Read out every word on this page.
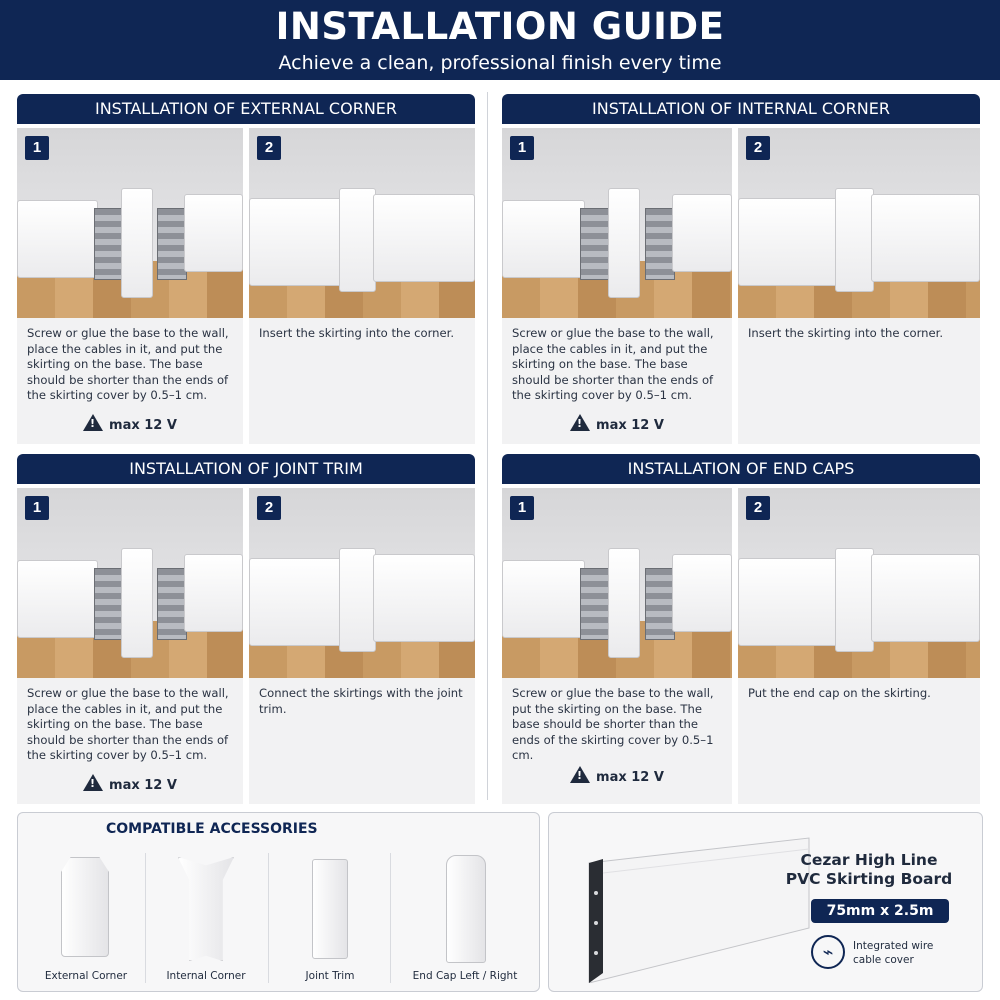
INSTALLATION GUIDE

Achieve a clean, professional finish every time

INSTALLATION OF EXTERNAL CORNER
1
Screw or glue the base to the wall, place the cables in it, and put the skirting on the base. The base should be shorter than the ends of the skirting cover by 0.5–1 cm.
!max 12 V
2
Insert the skirting into the corner.
INSTALLATION OF INTERNAL CORNER
1
Screw or glue the base to the wall, place the cables in it, and put the skirting on the base. The base should be shorter than the ends of the skirting cover by 0.5–1 cm.
!max 12 V
2
Insert the skirting into the corner.
INSTALLATION OF JOINT TRIM
1
Screw or glue the base to the wall, place the cables in it, and put the skirting on the base. The base should be shorter than the ends of the skirting cover by 0.5–1 cm.
!max 12 V
2
Connect the skirtings with the joint trim.
INSTALLATION OF END CAPS
1
Screw or glue the base to the wall, put the skirting on the base. The base should be shorter than the ends of the skirting cover by 0.5–1 cm.
!max 12 V
2
Put the end cap on the skirting.
COMPATIBLE ACCESSORIES
External Corner	Internal Corner	Joint Trim	End Cap Left / Right
Cezar High Line
PVC Skirting Board
75mm x 2.5m
⌁	Integrated wire
cable cover
